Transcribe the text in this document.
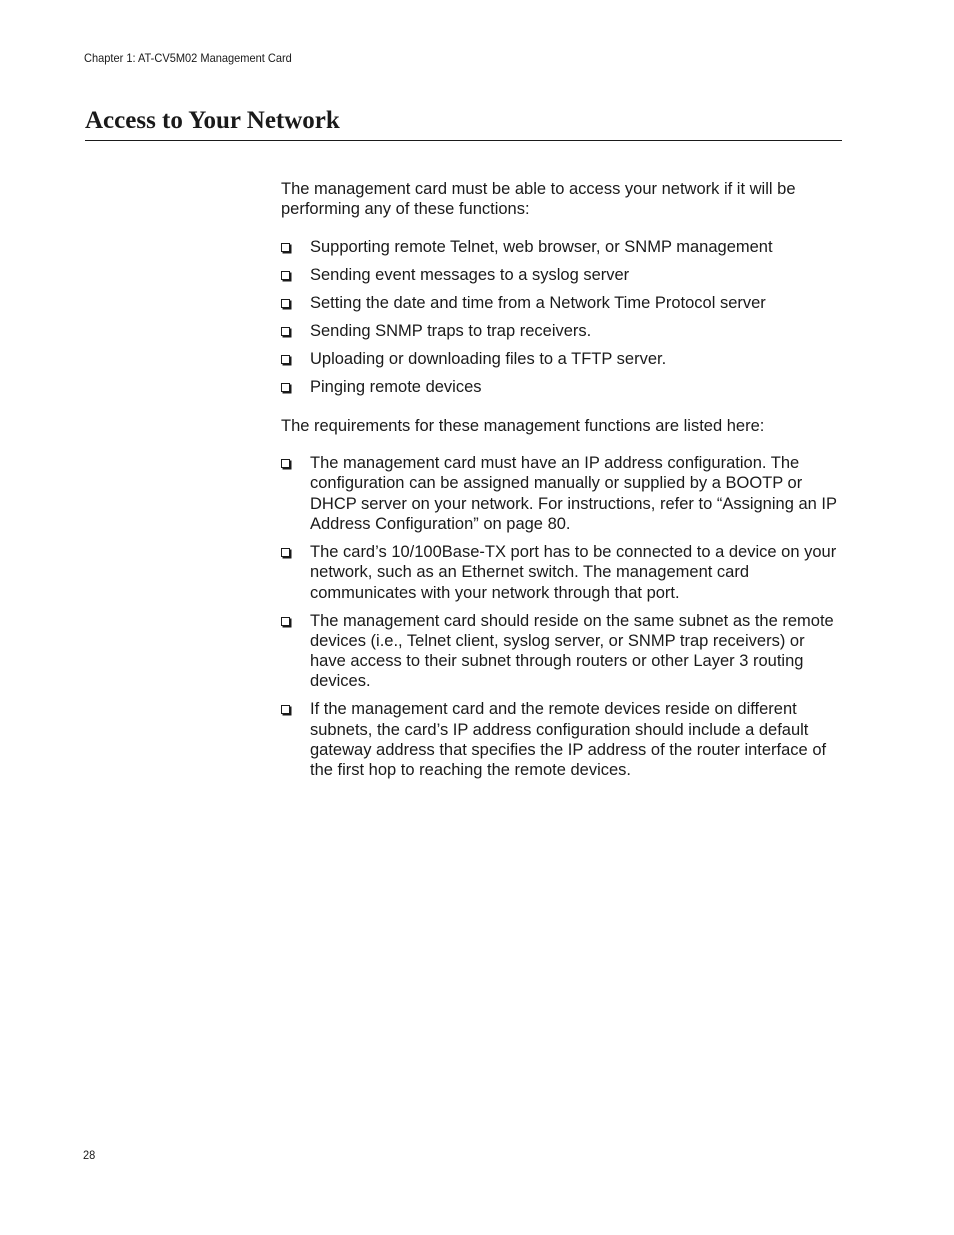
Chapter 1: AT-CV5M02 Management Card
Access to Your Network

The management card must be able to access your network if it will be performing any of these functions:

Supporting remote Telnet, web browser, or SNMP management
Sending event messages to a syslog server
Setting the date and time from a Network Time Protocol server
Sending SNMP traps to trap receivers.
Uploading or downloading files to a TFTP server.
Pinging remote devices

The requirements for these management functions are listed here:

The management card must have an IP address configuration. The configuration can be assigned manually or supplied by a BOOTP or DHCP server on your network. For instructions, refer to “Assigning an IP Address Configuration” on page 80.
The card’s 10/100Base-TX port has to be connected to a device on your network, such as an Ethernet switch. The management card communicates with your network through that port.
The management card should reside on the same subnet as the remote devices (i.e., Telnet client, syslog server, or SNMP trap receivers) or have access to their subnet through routers or other Layer 3 routing devices.
If the management card and the remote devices reside on different subnets, the card’s IP address configuration should include a default gateway address that specifies the IP address of the router interface of the first hop to reaching the remote devices.
28
